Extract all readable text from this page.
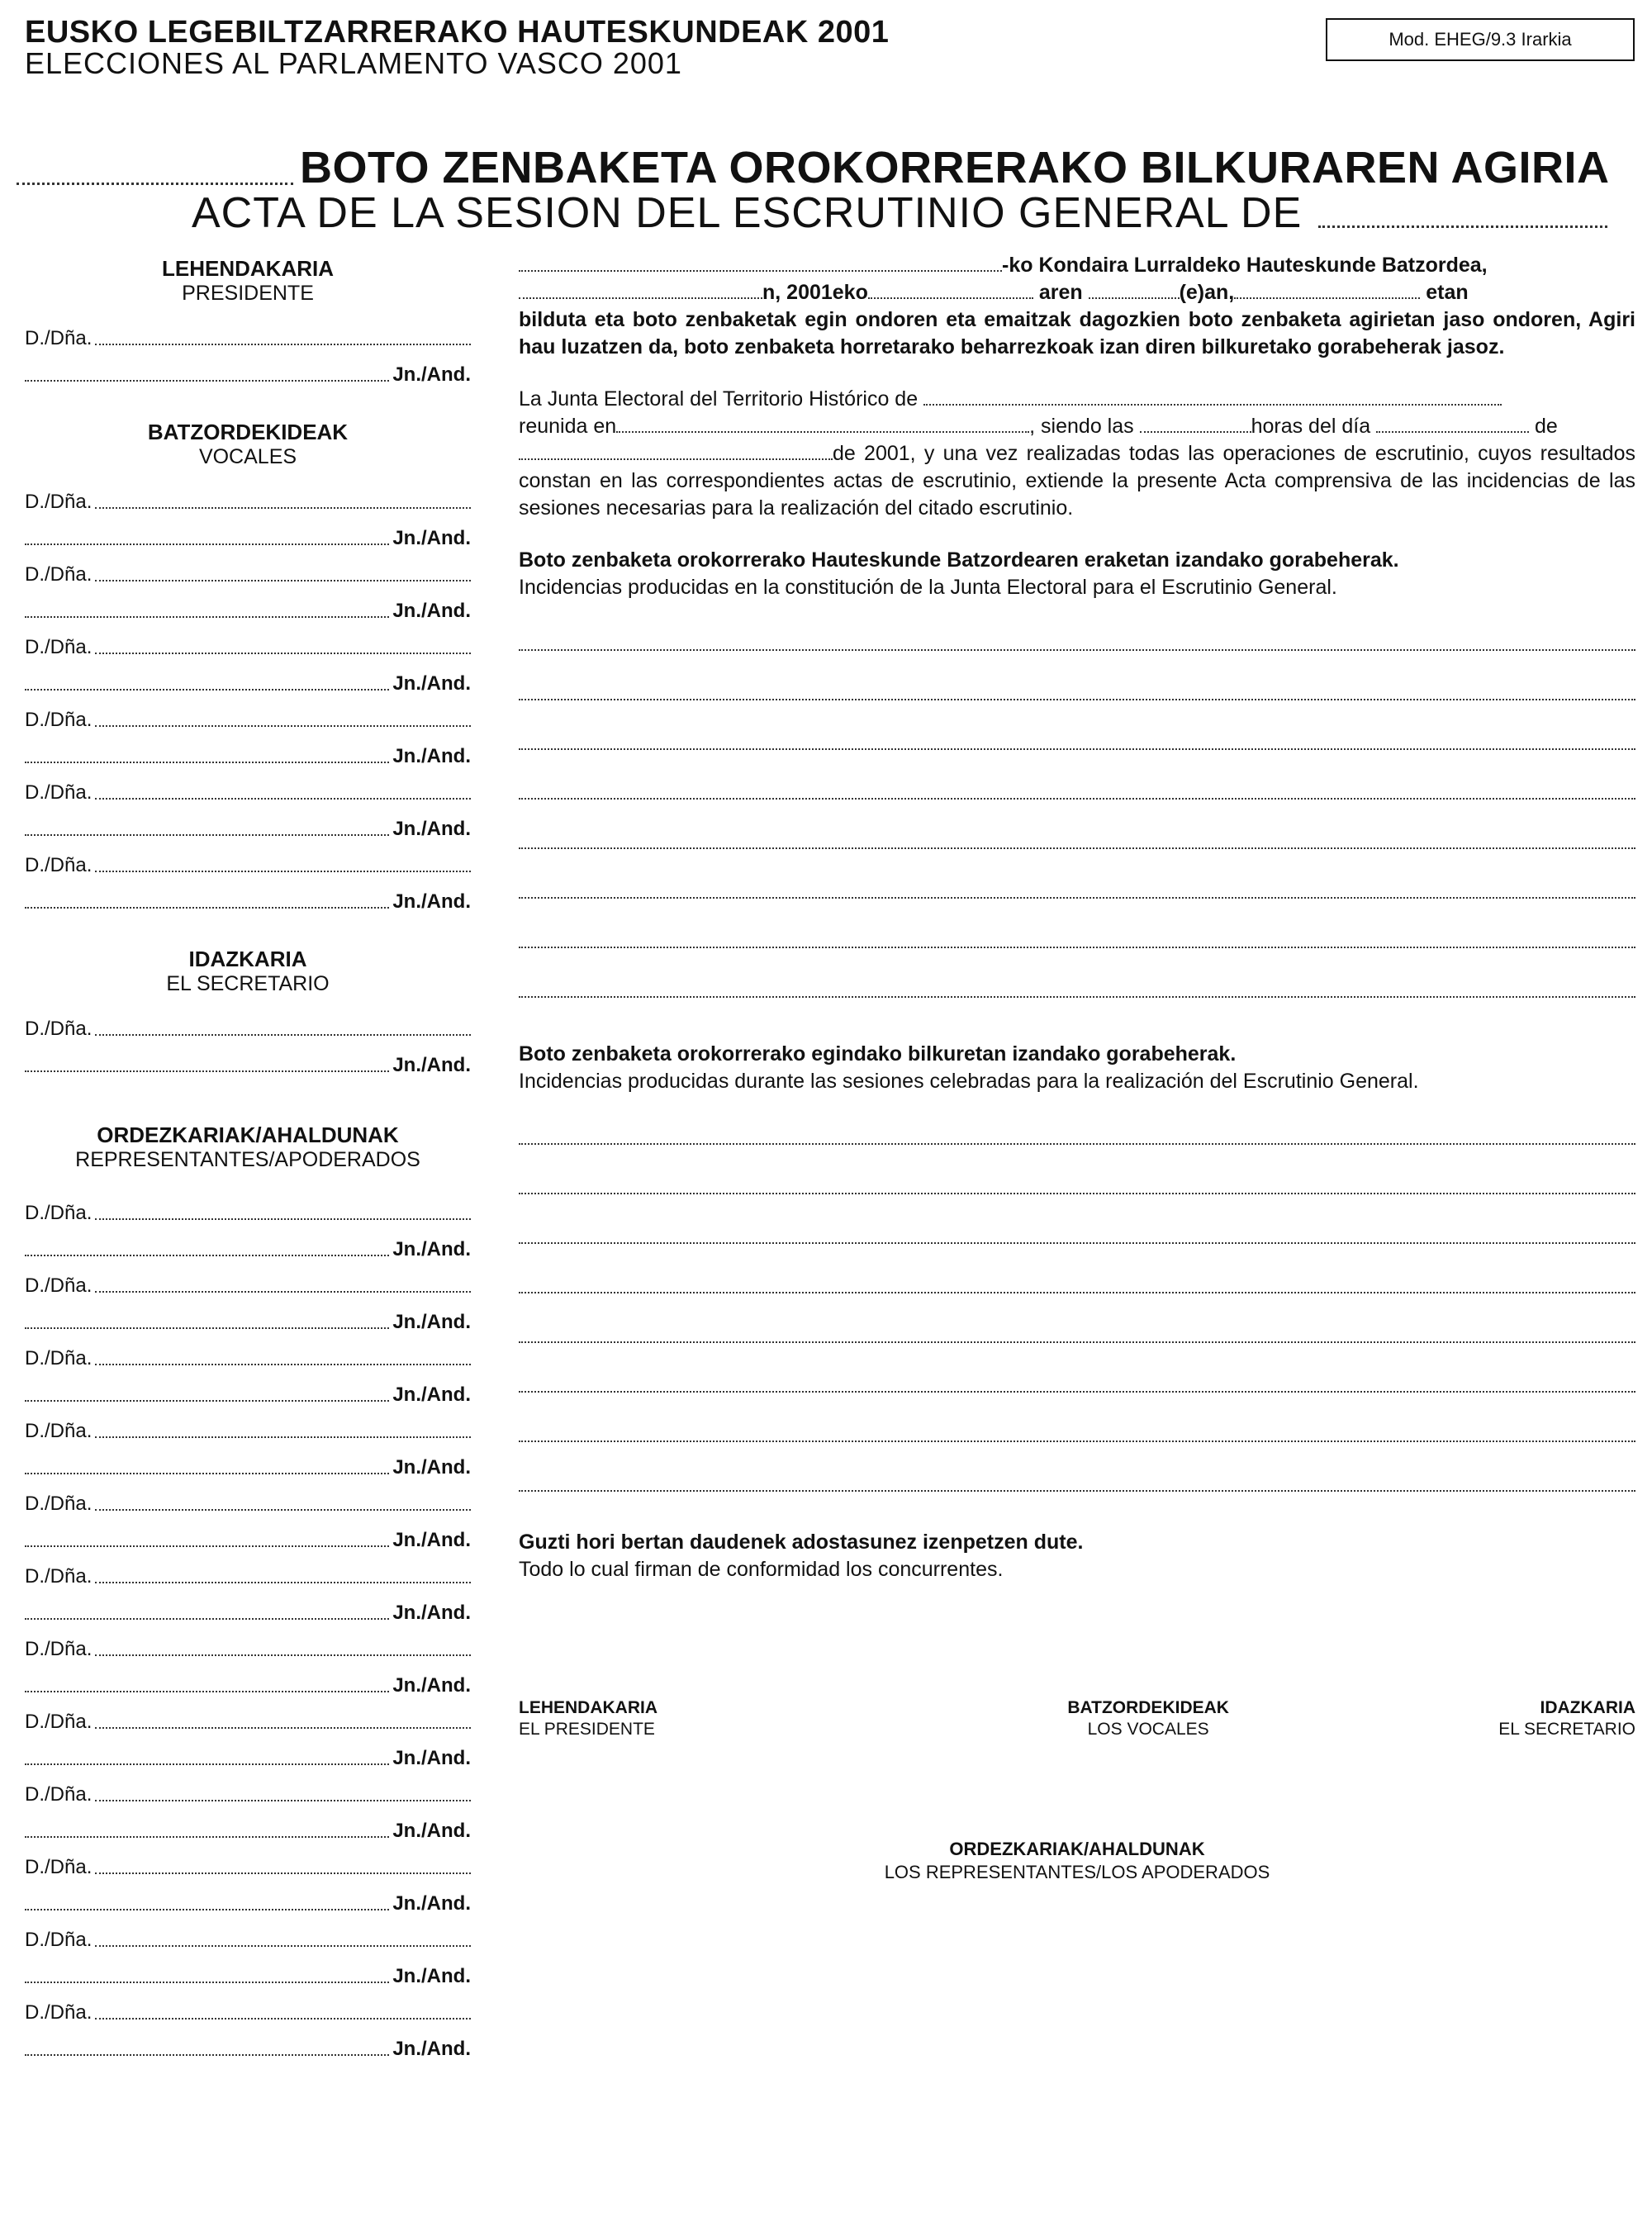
EUSKO LEGEBILTZARRERAKO HAUTESKUNDEAK 2001
ELECCIONES AL PARLAMENTO VASCO 2001
Mod. EHEG/9.3 Irarkia
BOTO ZENBAKETA OROKORRERAKO BILKURAREN AGIRIA
ACTA DE LA SESION DEL ESCRUTINIO GENERAL DE
LEHENDAKARIA
PRESIDENTE
D./Dña.
Jn./And.
BATZORDEKIDEAK
VOCALES
D./Dña.
Jn./And.
D./Dña.
Jn./And.
D./Dña.
Jn./And.
D./Dña.
Jn./And.
D./Dña.
Jn./And.
D./Dña.
Jn./And.
IDAZKARIA
EL SECRETARIO
D./Dña.
Jn./And.
ORDEZKARIAK/AHALDUNAK
REPRESENTANTES/APODERADOS
D./Dña.
Jn./And.
D./Dña.
Jn./And.
D./Dña.
Jn./And.
D./Dña.
Jn./And.
D./Dña.
Jn./And.
D./Dña.
Jn./And.
D./Dña.
Jn./And.
D./Dña.
Jn./And.
D./Dña.
Jn./And.
D./Dña.
Jn./And.
D./Dña.
Jn./And.
D./Dña.
Jn./And.
-ko Kondaira Lurraldeko Hauteskunde Batzordea,
n, 2001eko	aren	(e)an,	etan
bilduta eta boto zenbaketak egin ondoren eta emaitzak dagozkien boto zenbaketa agirietan jaso ondoren, Agiri hau luzatzen da, boto zenbaketa horretarako beharrezkoak izan diren bilkuretako gorabeherak jasoz.
La Junta Electoral del Territorio Histórico de
reunida en	, siendo las	horas del día	de
de 2001, y una vez realizadas todas las operaciones de escrutinio, cuyos resultados constan en las correspondientes actas de escrutinio, extiende la presente Acta comprensiva de las incidencias de las sesiones necesarias para la realización del citado escrutinio.
Boto zenbaketa orokorrerako Hauteskunde Batzordearen eraketan izandako gorabeherak.
Incidencias producidas en la constitución de la Junta Electoral para el Escrutinio General.
Boto zenbaketa orokorrerako egindako bilkuretan izandako gorabeherak.
Incidencias producidas durante las sesiones celebradas para la realización del Escrutinio General.
Guzti hori bertan daudenek adostasunez izenpetzen dute.
Todo lo cual firman de conformidad los concurrentes.
LEHENDAKARIA
EL PRESIDENTE
BATZORDEKIDEAK
LOS VOCALES
IDAZKARIA
EL SECRETARIO
ORDEZKARIAK/AHALDUNAK
LOS REPRESENTANTES/LOS APODERADOS
